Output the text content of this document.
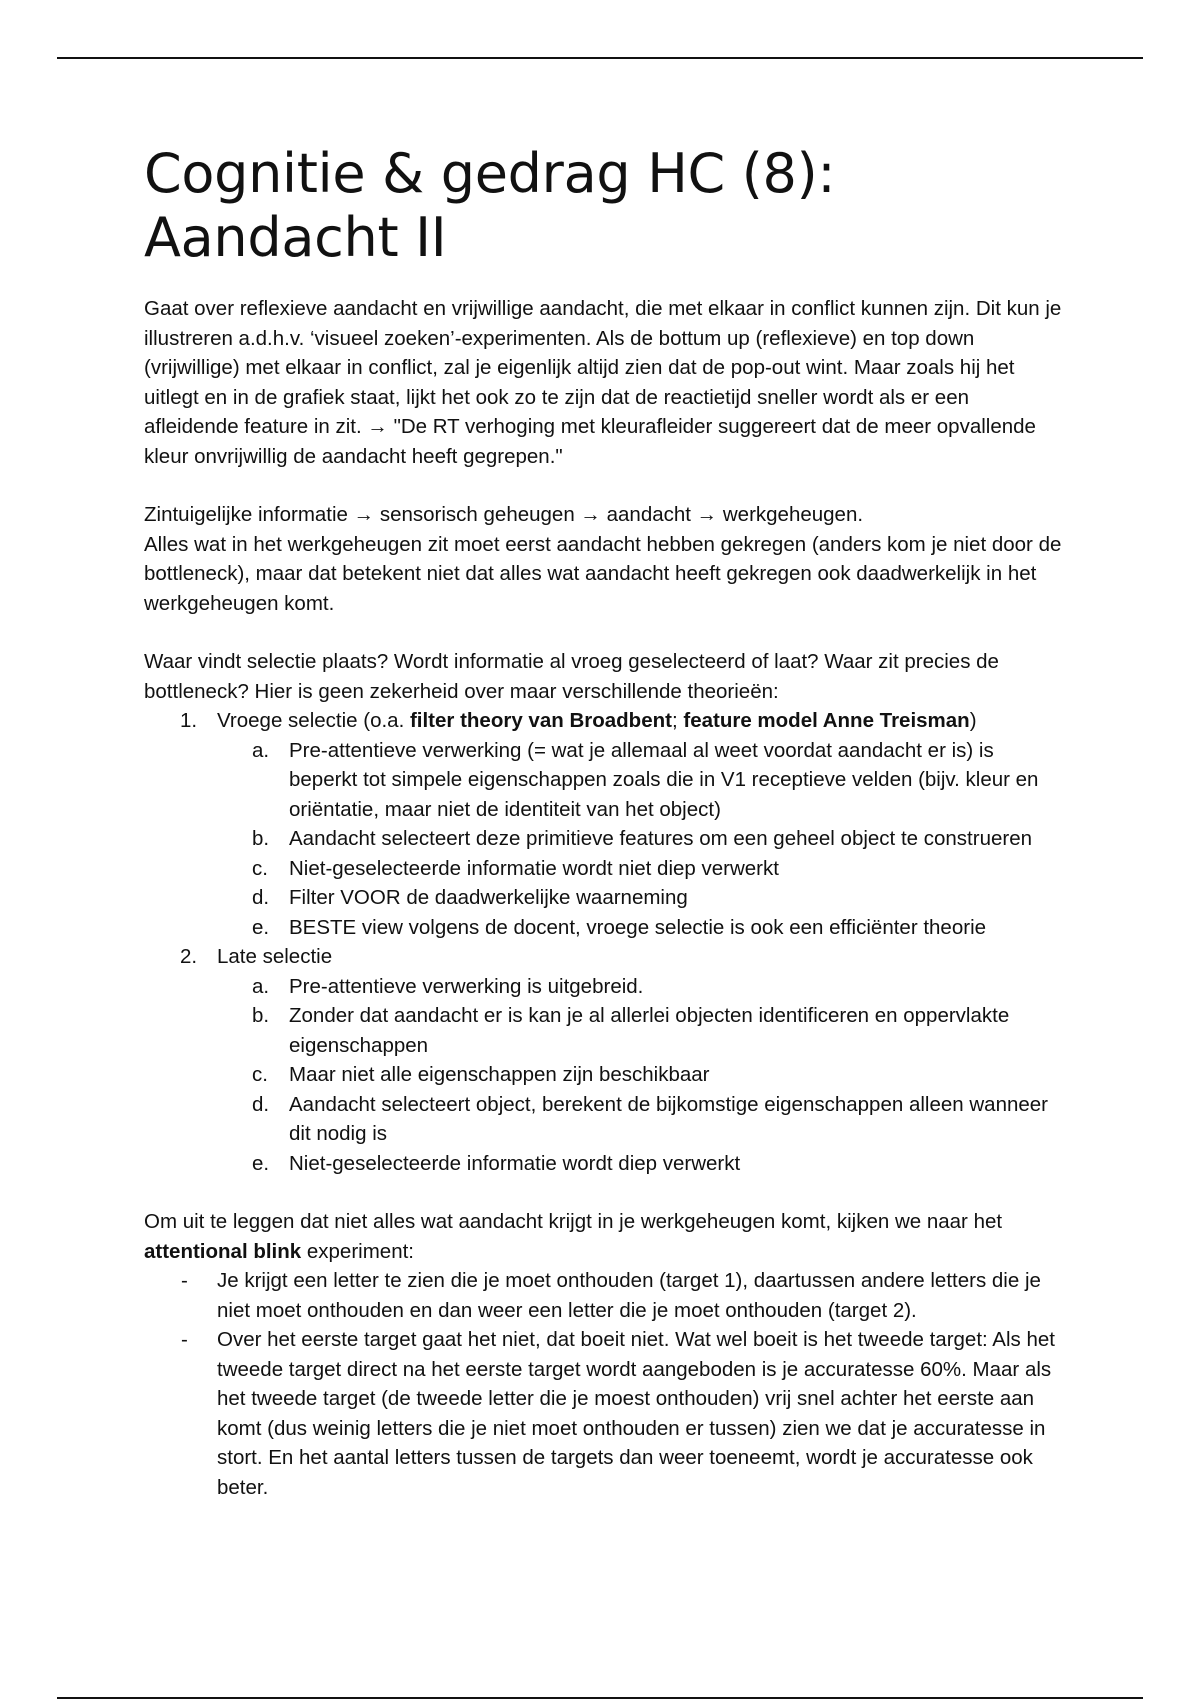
Cognitie & gedrag HC (8):
Aandacht II

Gaat over reflexieve aandacht en vrijwillige aandacht, die met elkaar in conflict kunnen zijn. Dit kun je illustreren a.d.h.v. ‘visueel zoeken’-experimenten. Als de bottum up (reflexieve) en top down (vrijwillige) met elkaar in conflict, zal je eigenlijk altijd zien dat de pop-out wint. Maar zoals hij het uitlegt en in de grafiek staat, lijkt het ook zo te zijn dat de reactietijd sneller wordt als er een afleidende feature in zit. → "De RT verhoging met kleurafleider suggereert dat de meer opvallende kleur onvrijwillig de aandacht heeft gegrepen."

Zintuigelijke informatie → sensorisch geheugen → aandacht → werkgeheugen.

Alles wat in het werkgeheugen zit moet eerst aandacht hebben gekregen (anders kom je niet door de bottleneck), maar dat betekent niet dat alles wat aandacht heeft gekregen ook daadwerkelijk in het werkgeheugen komt.

Waar vindt selectie plaats? Wordt informatie al vroeg geselecteerd of laat? Waar zit precies de bottleneck? Hier is geen zekerheid over maar verschillende theorieën:

1. Vroege selectie (o.a. filter theory van Broadbent; feature model Anne Treisman)
a. Pre-attentieve verwerking (= wat je allemaal al weet voordat aandacht er is) is beperkt tot simpele eigenschappen zoals die in V1 receptieve velden (bijv. kleur en oriëntatie, maar niet de identiteit van het object)
b. Aandacht selecteert deze primitieve features om een geheel object te construeren
c. Niet-geselecteerde informatie wordt niet diep verwerkt
d. Filter VOOR de daadwerkelijke waarneming
e. BESTE view volgens de docent, vroege selectie is ook een efficiënter theorie
2. Late selectie
a. Pre-attentieve verwerking is uitgebreid.
b. Zonder dat aandacht er is kan je al allerlei objecten identificeren en oppervlakte eigenschappen
c. Maar niet alle eigenschappen zijn beschikbaar
d. Aandacht selecteert object, berekent de bijkomstige eigenschappen alleen wanneer dit nodig is
e. Niet-geselecteerde informatie wordt diep verwerkt

Om uit te leggen dat niet alles wat aandacht krijgt in je werkgeheugen komt, kijken we naar het attentional blink experiment:

- Je krijgt een letter te zien die je moet onthouden (target 1), daartussen andere letters die je niet moet onthouden en dan weer een letter die je moet onthouden (target 2).
- Over het eerste target gaat het niet, dat boeit niet. Wat wel boeit is het tweede target: Als het tweede target direct na het eerste target wordt aangeboden is je accuratesse 60%. Maar als het tweede target (de tweede letter die je moest onthouden) vrij snel achter het eerste aan komt (dus weinig letters die je niet moet onthouden er tussen) zien we dat je accuratesse in stort. En het aantal letters tussen de targets dan weer toeneemt, wordt je accuratesse ook beter.
